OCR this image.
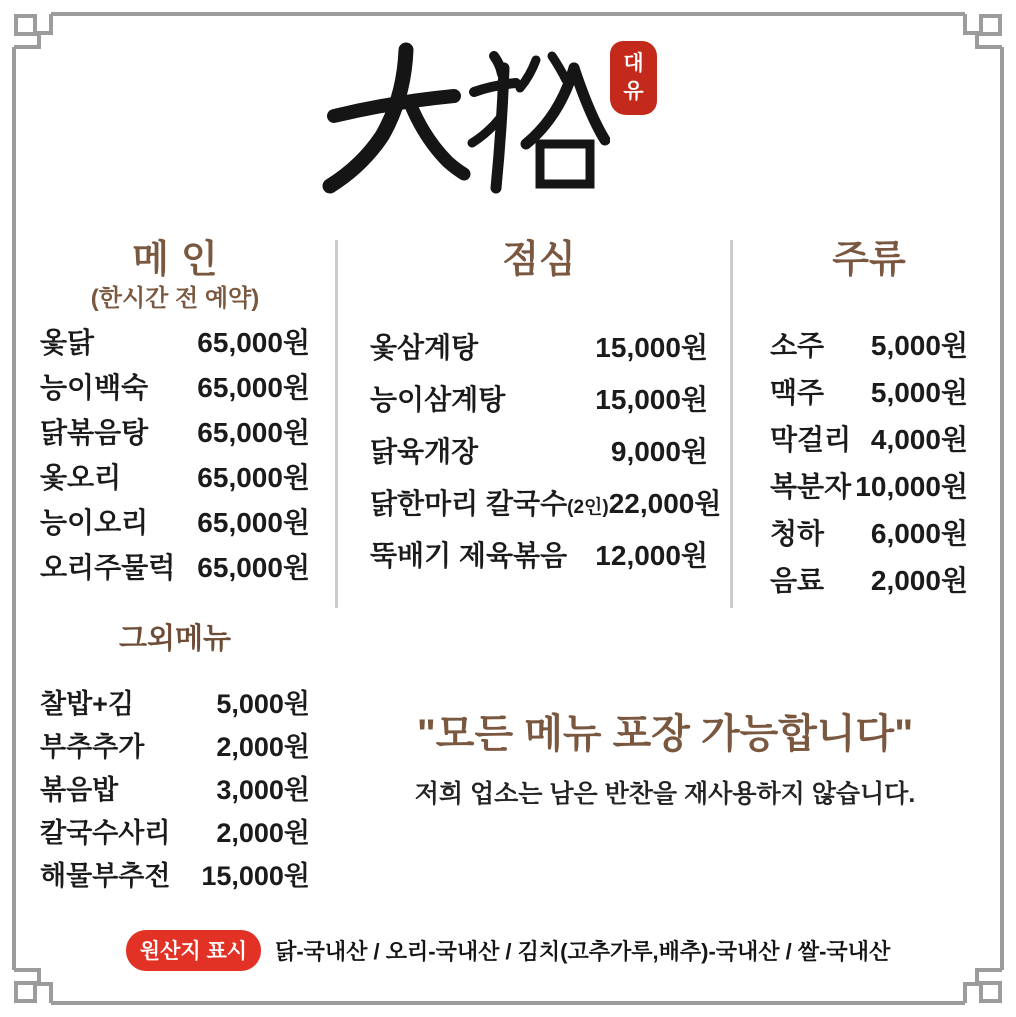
대
유
메인
(한시간 전 예약)
옻닭	65,000원
능이백숙 65,000원
닭볶음탕 65,000원
옻오리	65,000원
능이오리 65,000원
오리주물럭 65,000원
점심
옻삼계탕	15,000원
능이삼계탕	15,000원
닭육개장	9,000원
닭한마리 칼국수(2인) 22,000원
뚝배기 제육볶음 12,000원
주류
소주 5,000원
맥주 5,000원
막걸리 4,000원
복분자 10,000원
청하 6,000원
음료 2,000원
그외메뉴
찰밥+김	5,000원
부추추가	2,000원
볶음밥	3,000원
칼국수사리 2,000원
해물부추전 15,000원
"모든 메뉴 포장 가능합니다"
저희 업소는 남은 반찬을 재사용하지 않습니다.
원산지 표시	닭-국내산 / 오리-국내산 / 김치(고추가루,배추)-국내산 / 쌀-국내산
